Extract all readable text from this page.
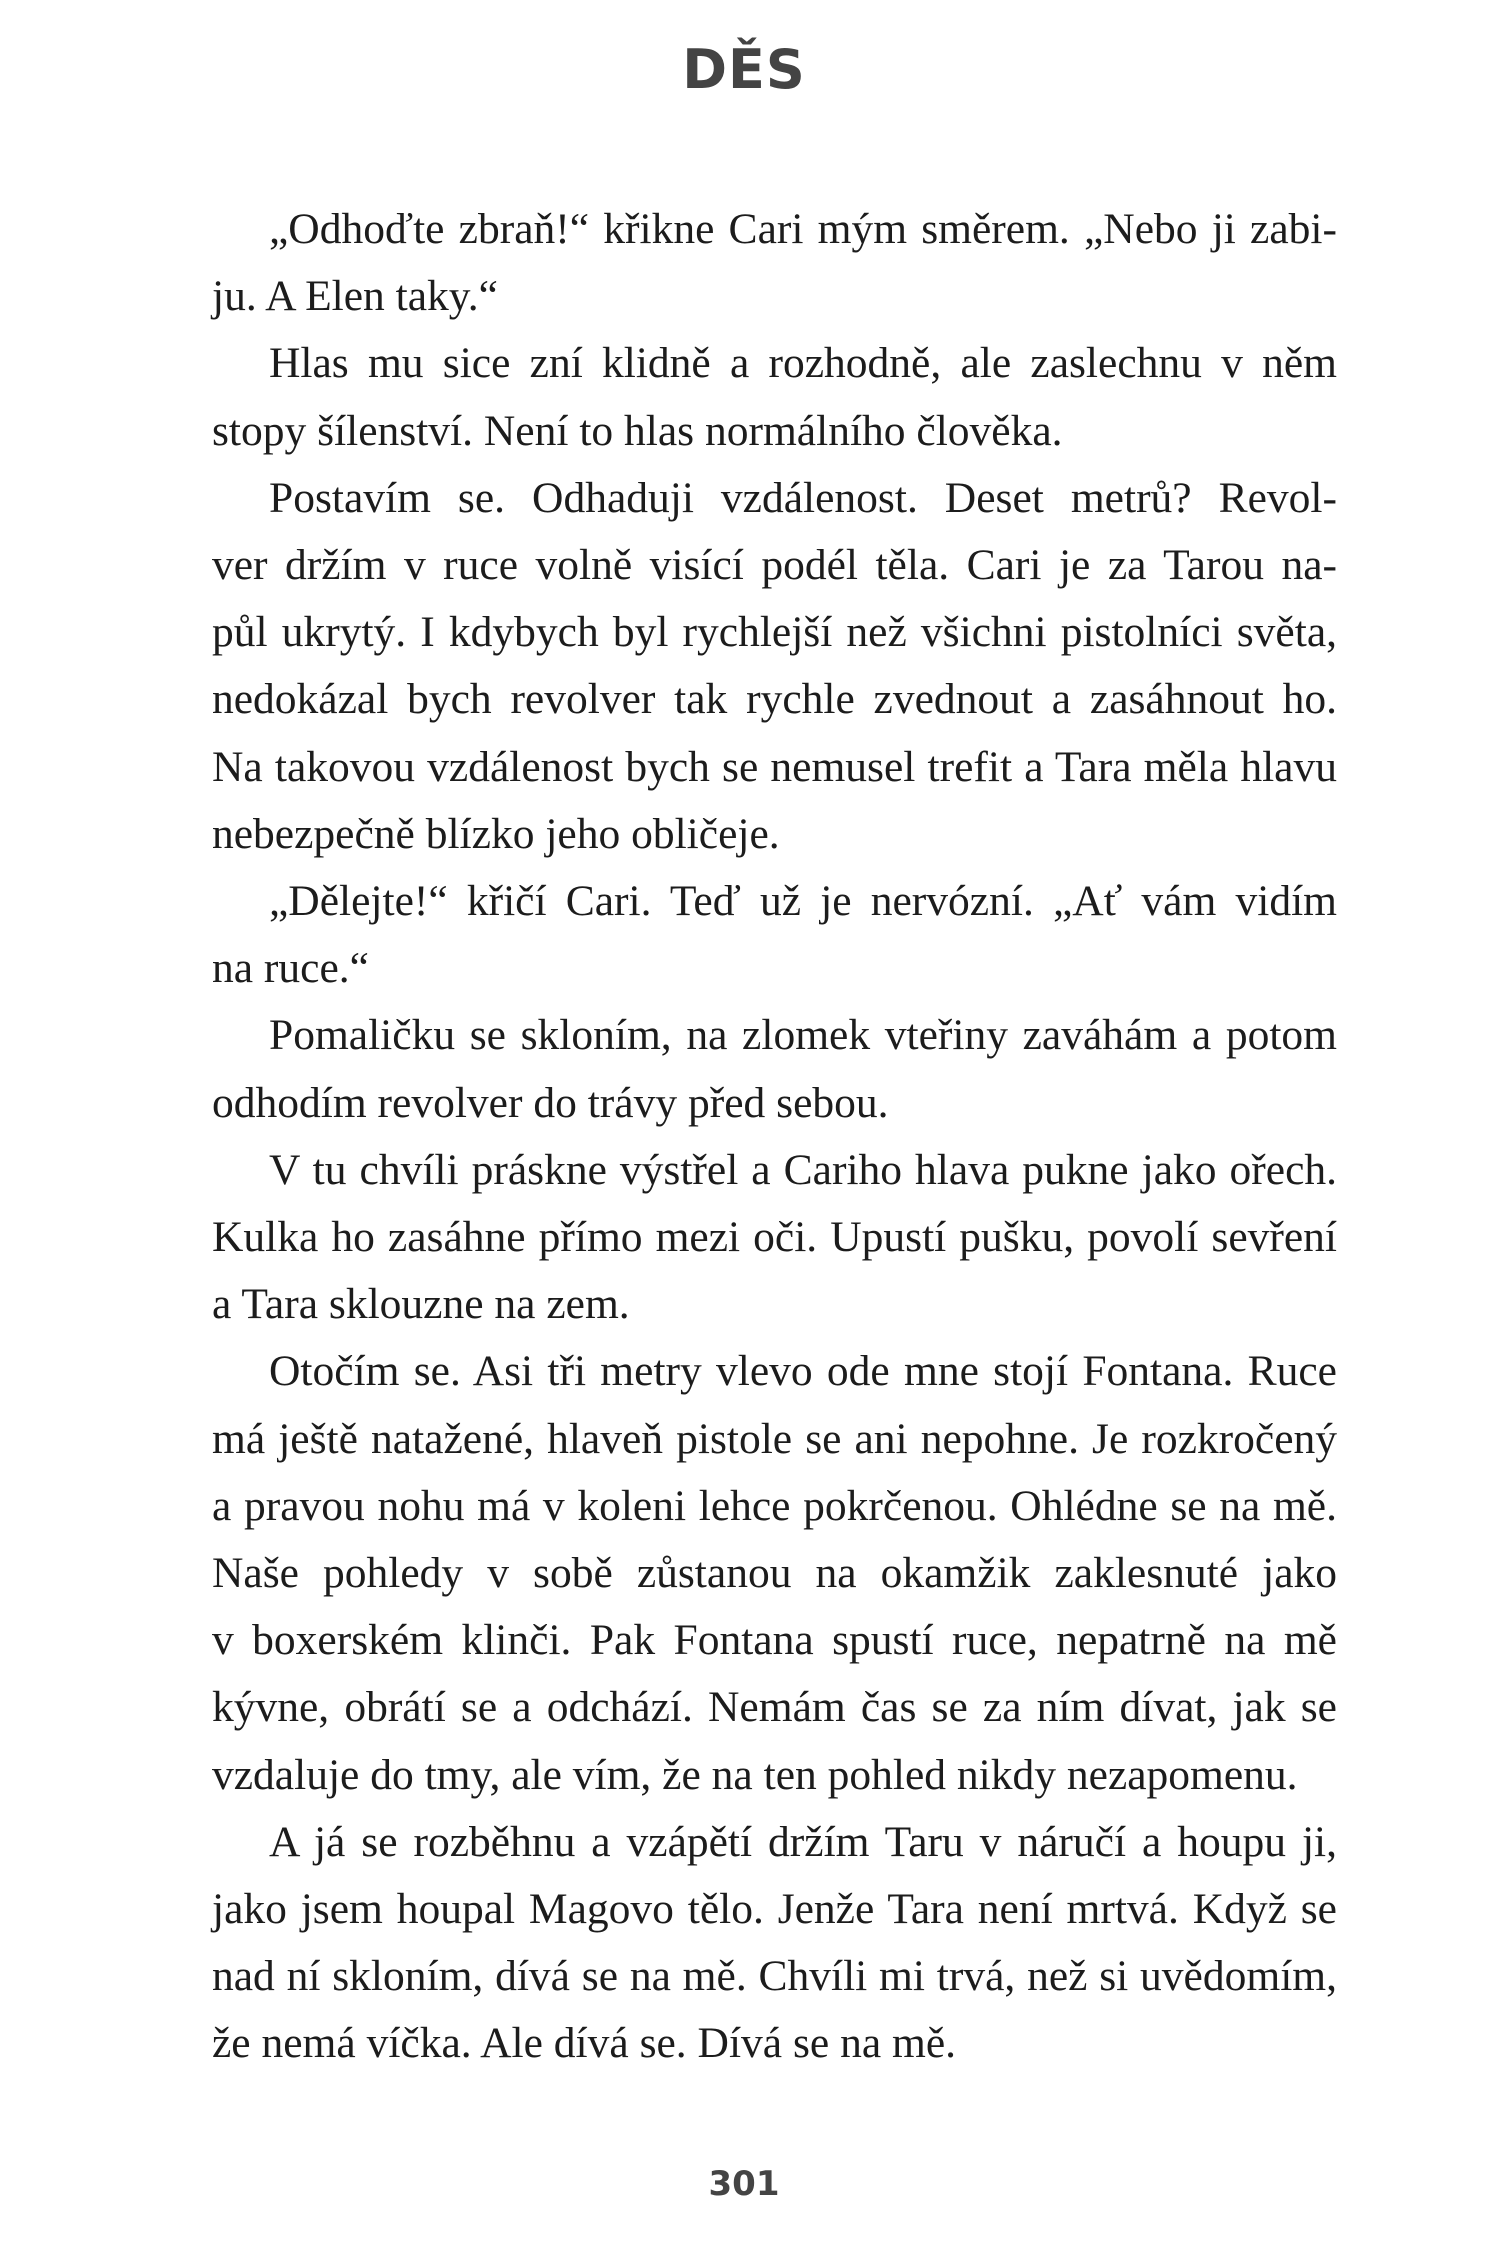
DĚS
„Odhoďte zbraň!“ křikne Cari mým směrem. „Nebo ji zabi-
ju. A Elen taky.“
Hlas mu sice zní klidně a rozhodně, ale zaslechnu v něm
stopy šílenství. Není to hlas normálního člověka.
Postavím se. Odhaduji vzdálenost. Deset metrů? Revol-
ver držím v ruce volně visící podél těla. Cari je za Tarou na-
půl ukrytý. I kdybych byl rychlejší než všichni pistolníci světa,
nedokázal bych revolver tak rychle zvednout a zasáhnout ho.
Na takovou vzdálenost bych se nemusel trefit a Tara měla hlavu
nebezpečně blízko jeho obličeje.
„Dělejte!“ křičí Cari. Teď už je nervózní. „Ať vám vidím
na ruce.“
Pomaličku se skloním, na zlomek vteřiny zaváhám a potom
odhodím revolver do trávy před sebou.
V tu chvíli práskne výstřel a Cariho hlava pukne jako ořech.
Kulka ho zasáhne přímo mezi oči. Upustí pušku, povolí sevření
a Tara sklouzne na zem.
Otočím se. Asi tři metry vlevo ode mne stojí Fontana. Ruce
má ještě natažené, hlaveň pistole se ani nepohne. Je rozkročený
a pravou nohu má v koleni lehce pokrčenou. Ohlédne se na mě.
Naše pohledy v sobě zůstanou na okamžik zaklesnuté jako
v boxerském klinči. Pak Fontana spustí ruce, nepatrně na mě
kývne, obrátí se a odchází. Nemám čas se za ním dívat, jak se
vzdaluje do tmy, ale vím, že na ten pohled nikdy nezapomenu.
A já se rozběhnu a vzápětí držím Taru v náručí a houpu ji,
jako jsem houpal Magovo tělo. Jenže Tara není mrtvá. Když se
nad ní skloním, dívá se na mě. Chvíli mi trvá, než si uvědomím,
že nemá víčka. Ale dívá se. Dívá se na mě.
301
